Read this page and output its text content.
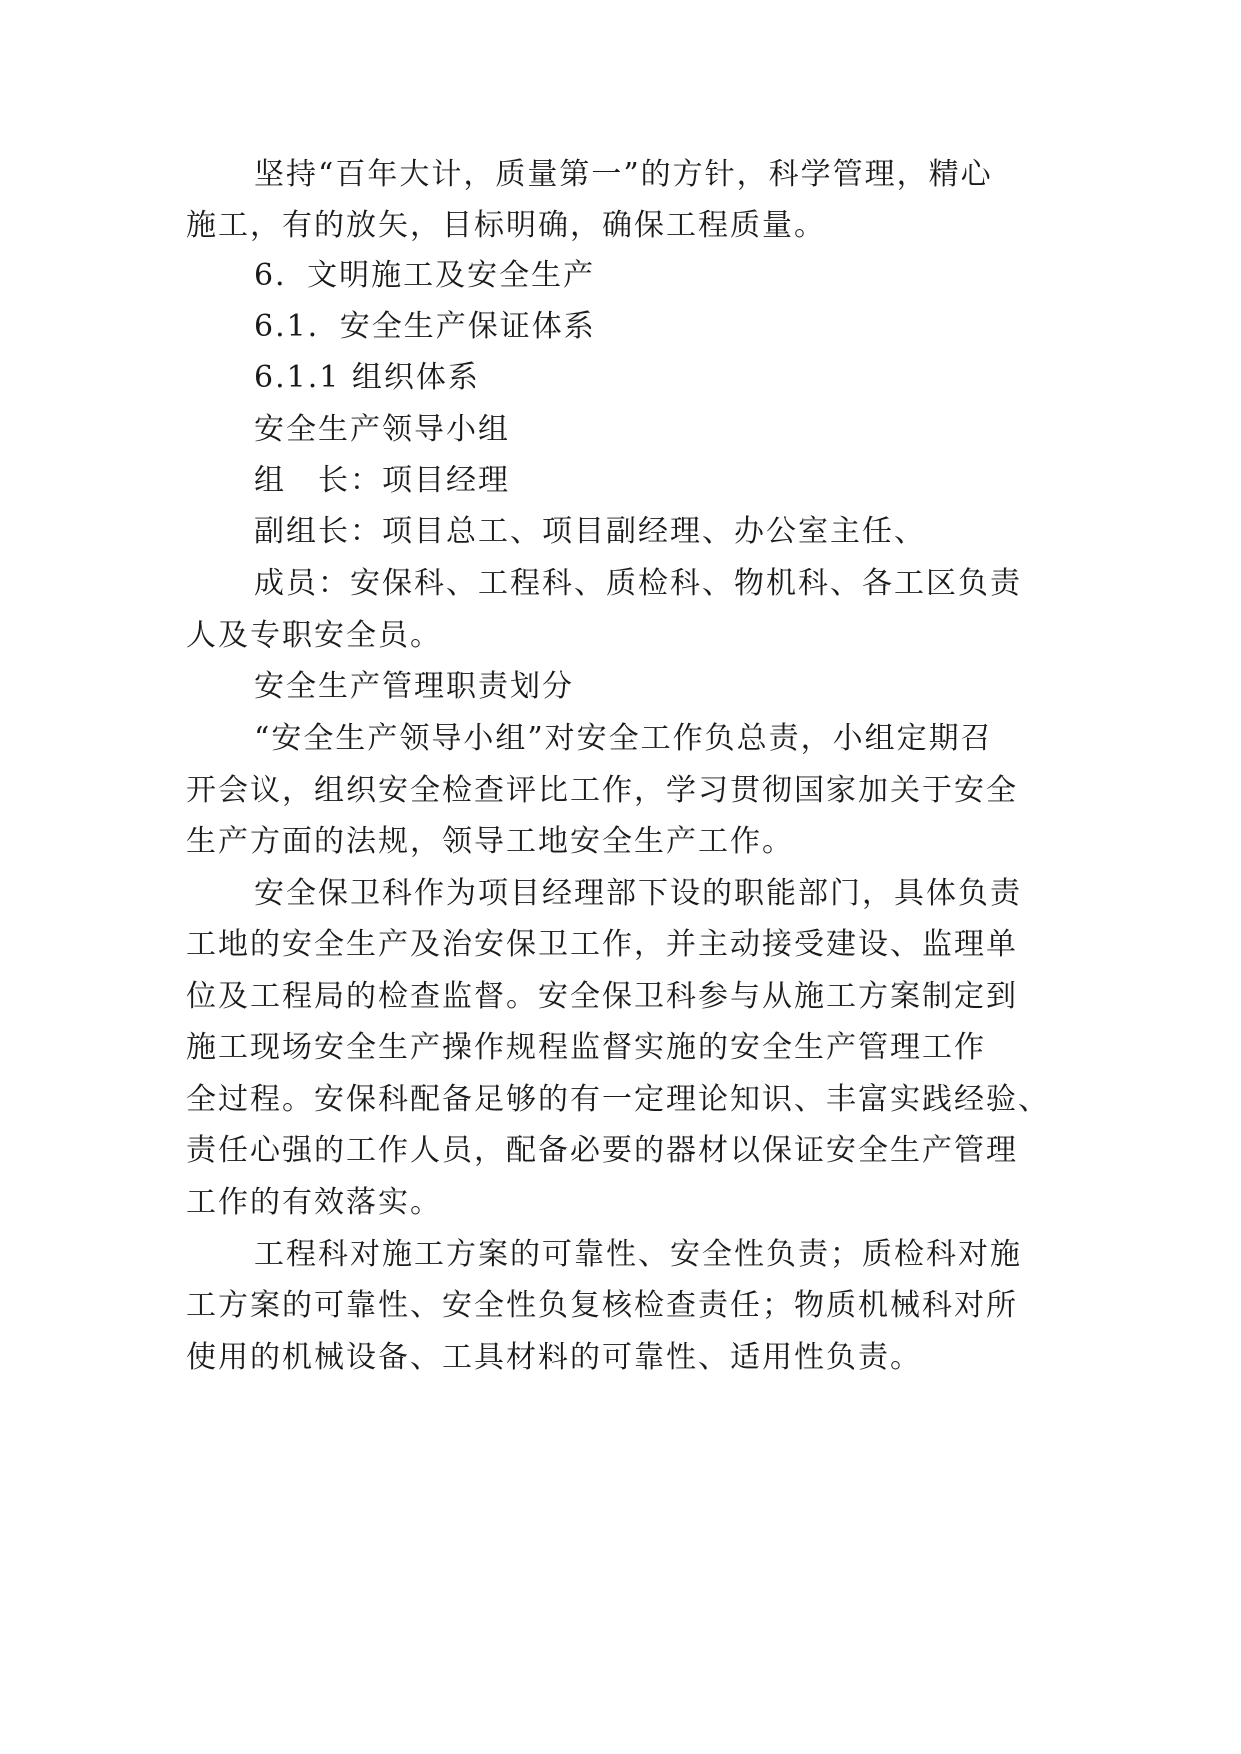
坚持“百年大计，质量第一”的方针，科学管理，精心
施工，有的放矢，目标明确，确保工程质量。
6．文明施工及安全生产
6.1．安全生产保证体系
6.1.1 组织体系
安全生产领导小组
组　长：项目经理
副组长：项目总工、项目副经理、办公室主任、
成员：安保科、工程科、质检科、物机科、各工区负责
人及专职安全员。
安全生产管理职责划分
“安全生产领导小组”对安全工作负总责，小组定期召
开会议，组织安全检查评比工作，学习贯彻国家加关于安全
生产方面的法规，领导工地安全生产工作。
安全保卫科作为项目经理部下设的职能部门，具体负责
工地的安全生产及治安保卫工作，并主动接受建设、监理单
位及工程局的检查监督。安全保卫科参与从施工方案制定到
施工现场安全生产操作规程监督实施的安全生产管理工作
全过程。安保科配备足够的有一定理论知识、丰富实践经验、
责任心强的工作人员，配备必要的器材以保证安全生产管理
工作的有效落实。
工程科对施工方案的可靠性、安全性负责；质检科对施
工方案的可靠性、安全性负复核检查责任；物质机械科对所
使用的机械设备、工具材料的可靠性、适用性负责。
